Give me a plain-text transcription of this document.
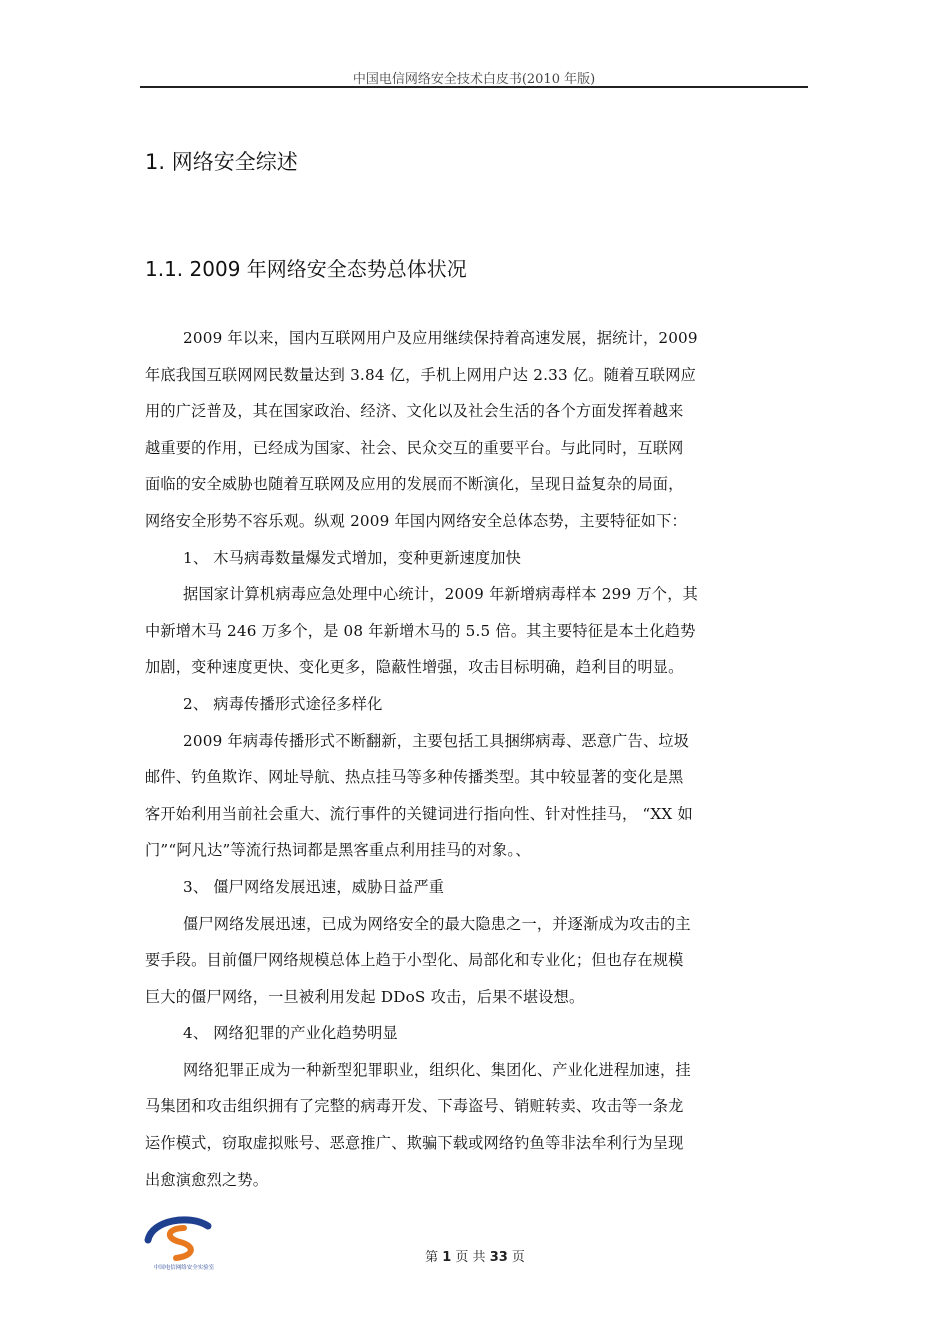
中国电信网络安全技术白皮书(2010 年版)
1. 网络安全综述
1.1. 2009 年网络安全态势总体状况

2009 年以来，国内互联网用户及应用继续保持着高速发展，据统计，2009

年底我国互联网网民数量达到 3.84 亿，手机上网用户达 2.33 亿。随着互联网应

用的广泛普及，其在国家政治、经济、文化以及社会生活的各个方面发挥着越来

越重要的作用，已经成为国家、社会、民众交互的重要平台。与此同时，互联网

面临的安全威胁也随着互联网及应用的发展而不断演化，呈现日益复杂的局面，

网络安全形势不容乐观。纵观 2009 年国内网络安全总体态势，主要特征如下：

1、 木马病毒数量爆发式增加，变种更新速度加快

据国家计算机病毒应急处理中心统计，2009 年新增病毒样本 299 万个，其

中新增木马 246 万多个，是 08 年新增木马的 5.5 倍。其主要特征是本土化趋势

加剧，变种速度更快、变化更多，隐蔽性增强，攻击目标明确，趋利目的明显。

2、 病毒传播形式途径多样化

2009 年病毒传播形式不断翻新，主要包括工具捆绑病毒、恶意广告、垃圾

邮件、钓鱼欺诈、网址导航、热点挂马等多种传播类型。其中较显著的变化是黑

客开始利用当前社会重大、流行事件的关键词进行指向性、针对性挂马， “XX 如

门”“阿凡达”等流行热词都是黑客重点利用挂马的对象。、

3、 僵尸网络发展迅速，威胁日益严重

僵尸网络发展迅速，已成为网络安全的最大隐患之一，并逐渐成为攻击的主

要手段。目前僵尸网络规模总体上趋于小型化、局部化和专业化；但也存在规模

巨大的僵尸网络，一旦被利用发起 DDoS 攻击，后果不堪设想。

4、 网络犯罪的产业化趋势明显

网络犯罪正成为一种新型犯罪职业，组织化、集团化、产业化进程加速，挂

马集团和攻击组织拥有了完整的病毒开发、下毒盗号、销赃转卖、攻击等一条龙

运作模式，窃取虚拟账号、恶意推广、欺骗下载或网络钓鱼等非法牟利行为呈现

出愈演愈烈之势。

中国电信网络安全实验室
第 1 页 共 33 页
